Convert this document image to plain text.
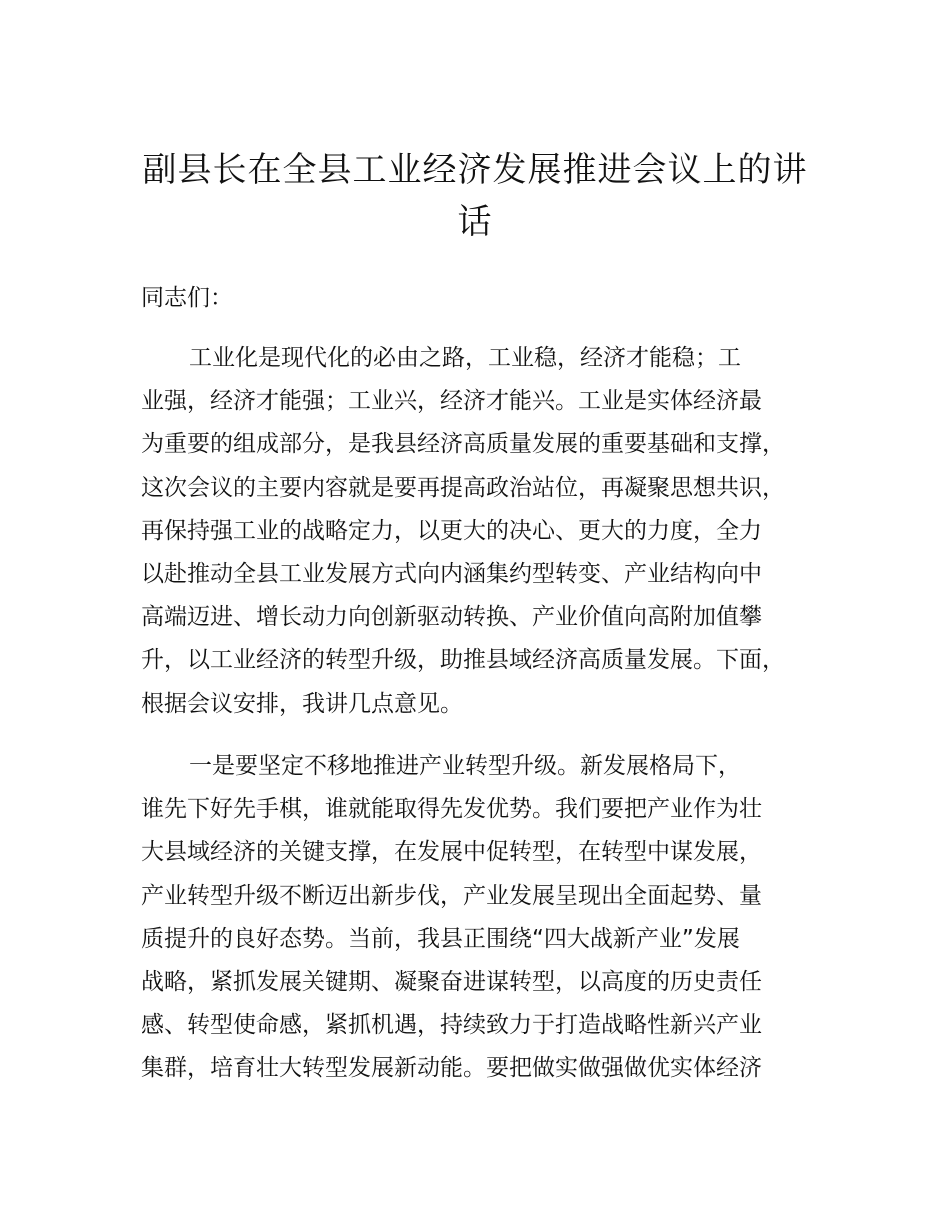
副县长在全县工业经济发展推进会议上的讲
话

同志们：

工业化是现代化的必由之路，工业稳，经济才能稳；工
业强，经济才能强；工业兴，经济才能兴。工业是实体经济最
为重要的组成部分，是我县经济高质量发展的重要基础和支撑，
这次会议的主要内容就是要再提高政治站位，再凝聚思想共识，
再保持强工业的战略定力，以更大的决心、更大的力度，全力
以赴推动全县工业发展方式向内涵集约型转变、产业结构向中
高端迈进、增长动力向创新驱动转换、产业价值向高附加值攀
升，以工业经济的转型升级，助推县域经济高质量发展。下面，
根据会议安排，我讲几点意见。
一是要坚定不移地推进产业转型升级。新发展格局下，
谁先下好先手棋，谁就能取得先发优势。我们要把产业作为壮
大县域经济的关键支撑，在发展中促转型，在转型中谋发展，
产业转型升级不断迈出新步伐，产业发展呈现出全面起势、量
质提升的良好态势。当前，我县正围绕“四大战新产业”发展
战略，紧抓发展关键期、凝聚奋进谋转型，以高度的历史责任
感、转型使命感，紧抓机遇，持续致力于打造战略性新兴产业
集群，培育壮大转型发展新动能。要把做实做强做优实体经济
